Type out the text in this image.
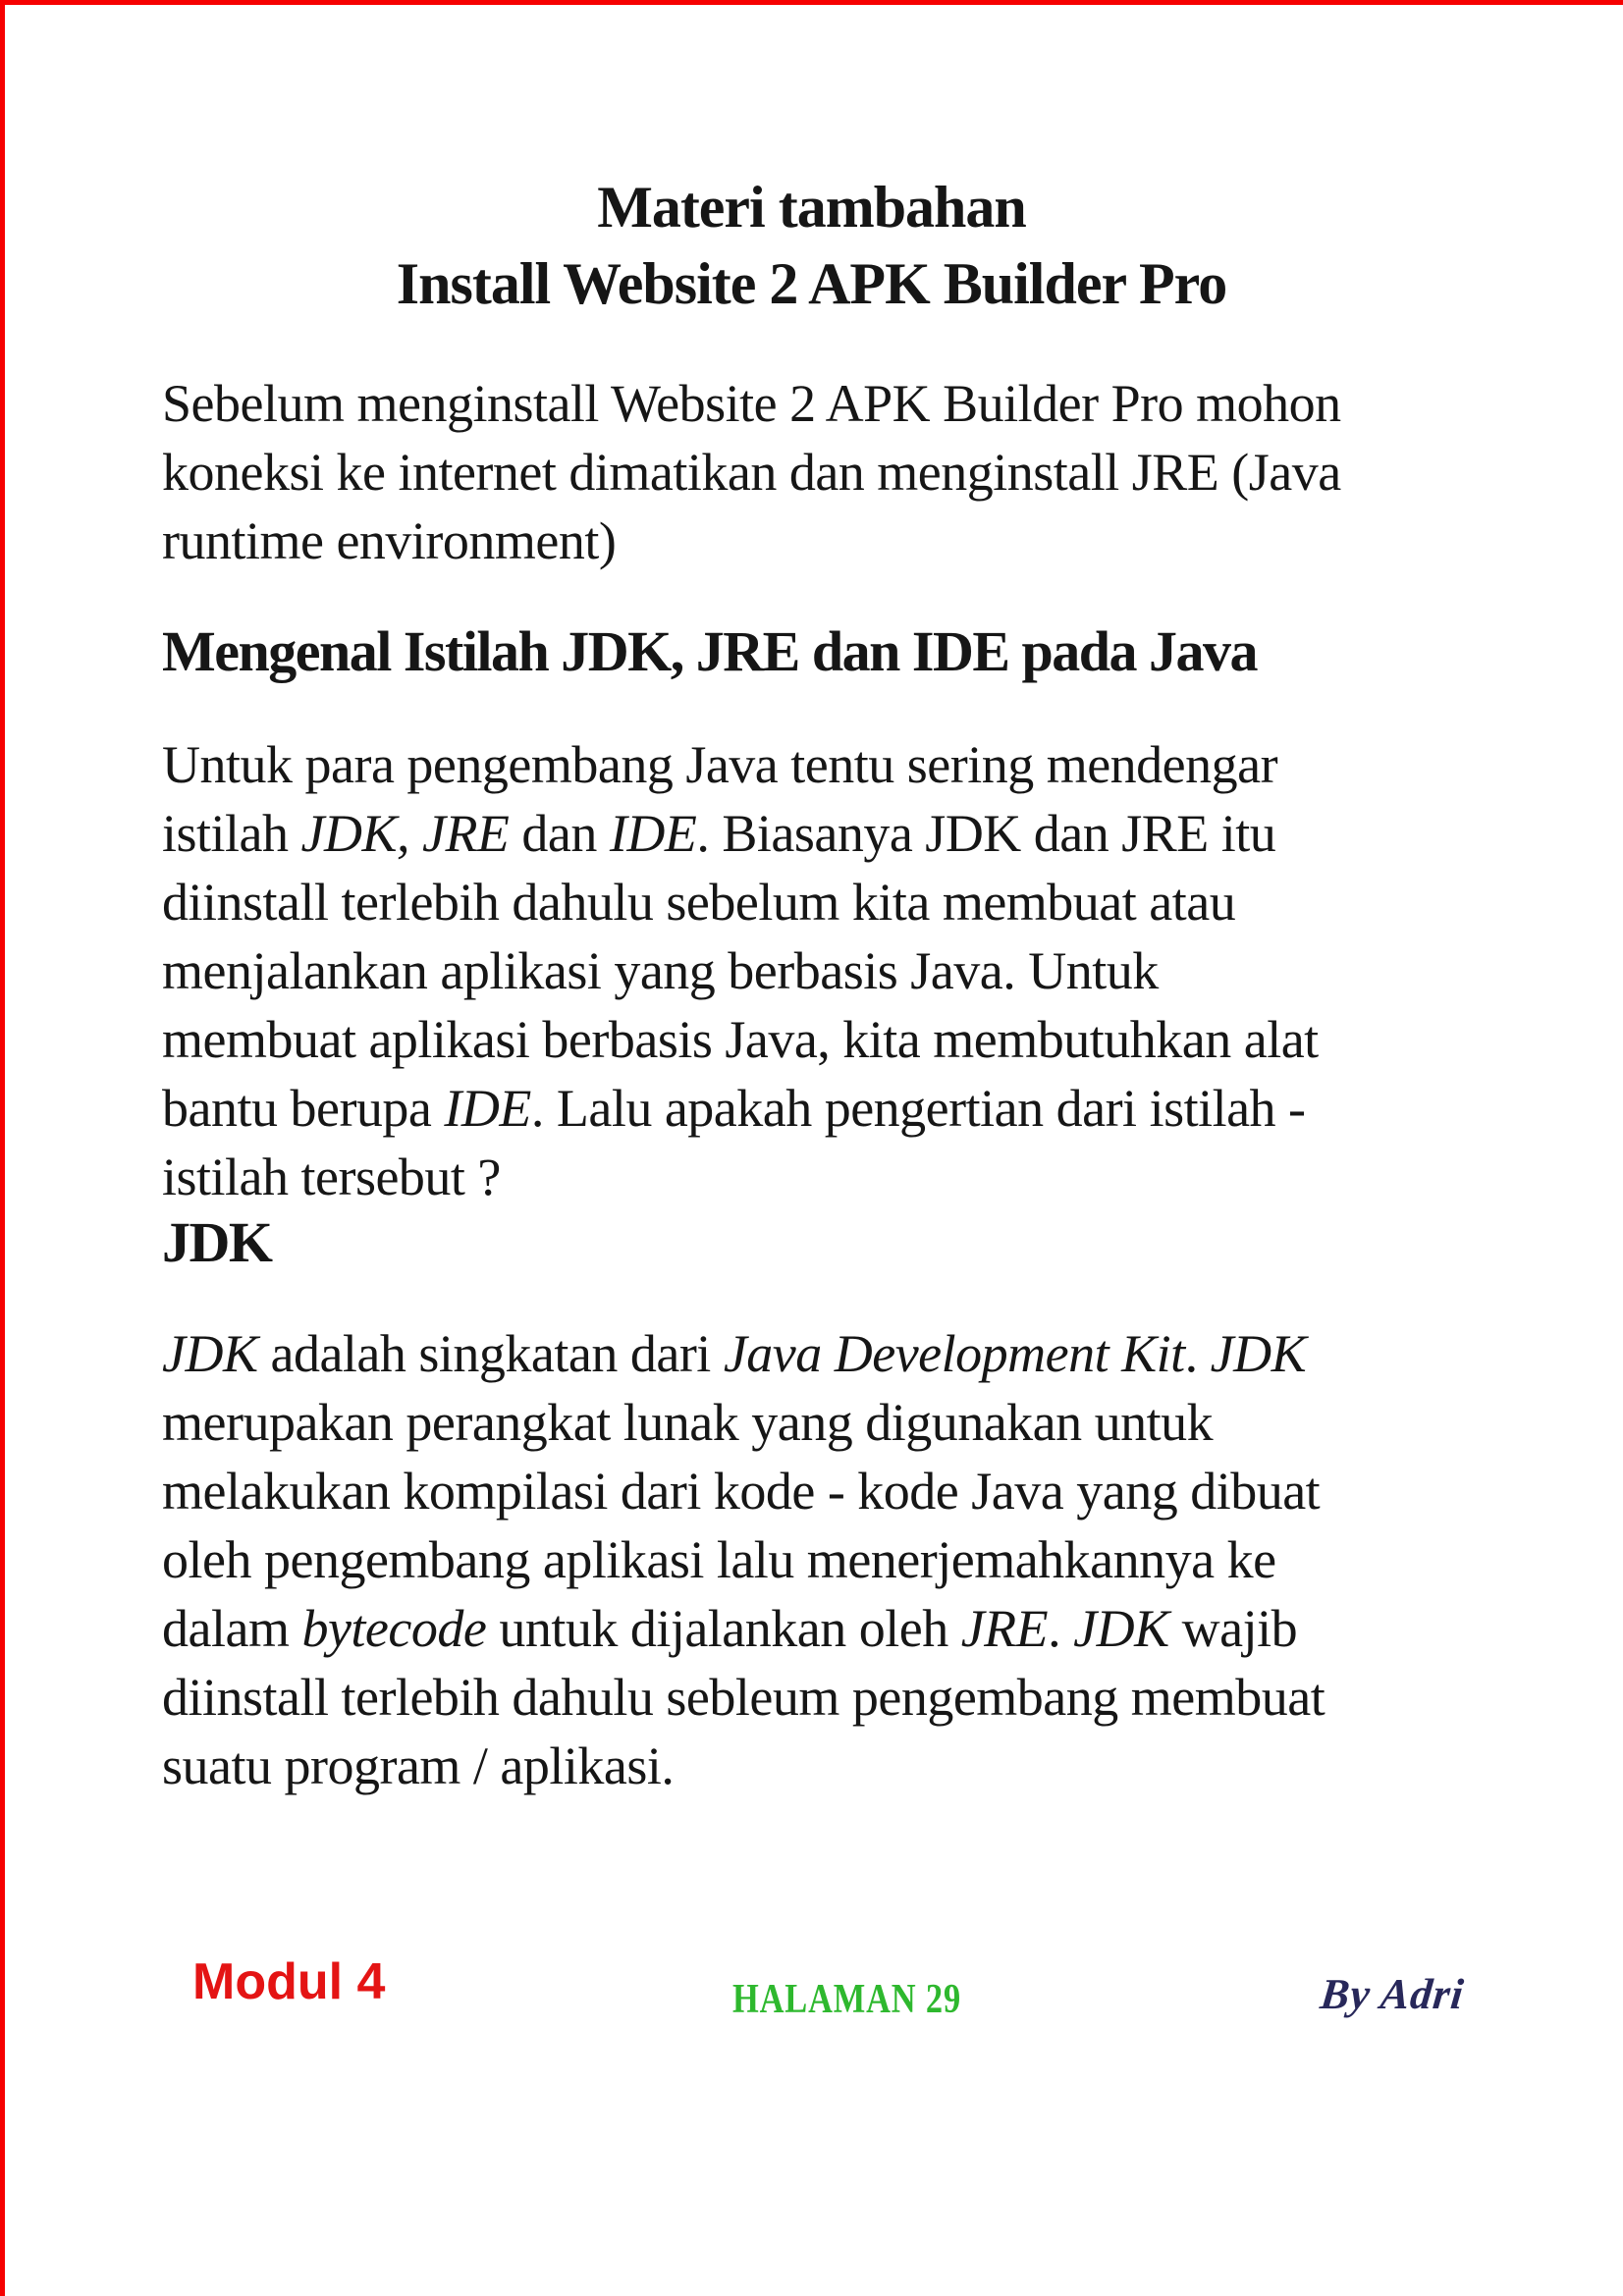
Materi tambahan
Install Website 2 APK Builder Pro
Sebelum menginstall Website 2 APK Builder Pro mohon
koneksi ke internet dimatikan dan menginstall JRE (Java
runtime environment)
Mengenal Istilah JDK, JRE dan IDE pada Java
Untuk para pengembang Java tentu sering mendengar
istilah JDK, JRE dan IDE. Biasanya JDK dan JRE itu
diinstall terlebih dahulu sebelum kita membuat atau
menjalankan aplikasi yang berbasis Java. Untuk
membuat aplikasi berbasis Java, kita membutuhkan alat
bantu berupa IDE. Lalu apakah pengertian dari istilah -
istilah tersebut ?
JDK
JDK adalah singkatan dari Java Development Kit. JDK
merupakan perangkat lunak yang digunakan untuk
melakukan kompilasi dari kode - kode Java yang dibuat
oleh pengembang aplikasi lalu menerjemahkannya ke
dalam bytecode untuk dijalankan oleh JRE. JDK wajib
diinstall terlebih dahulu sebleum pengembang membuat
suatu program / aplikasi.
Modul 4	HALAMAN 29	By Adri
